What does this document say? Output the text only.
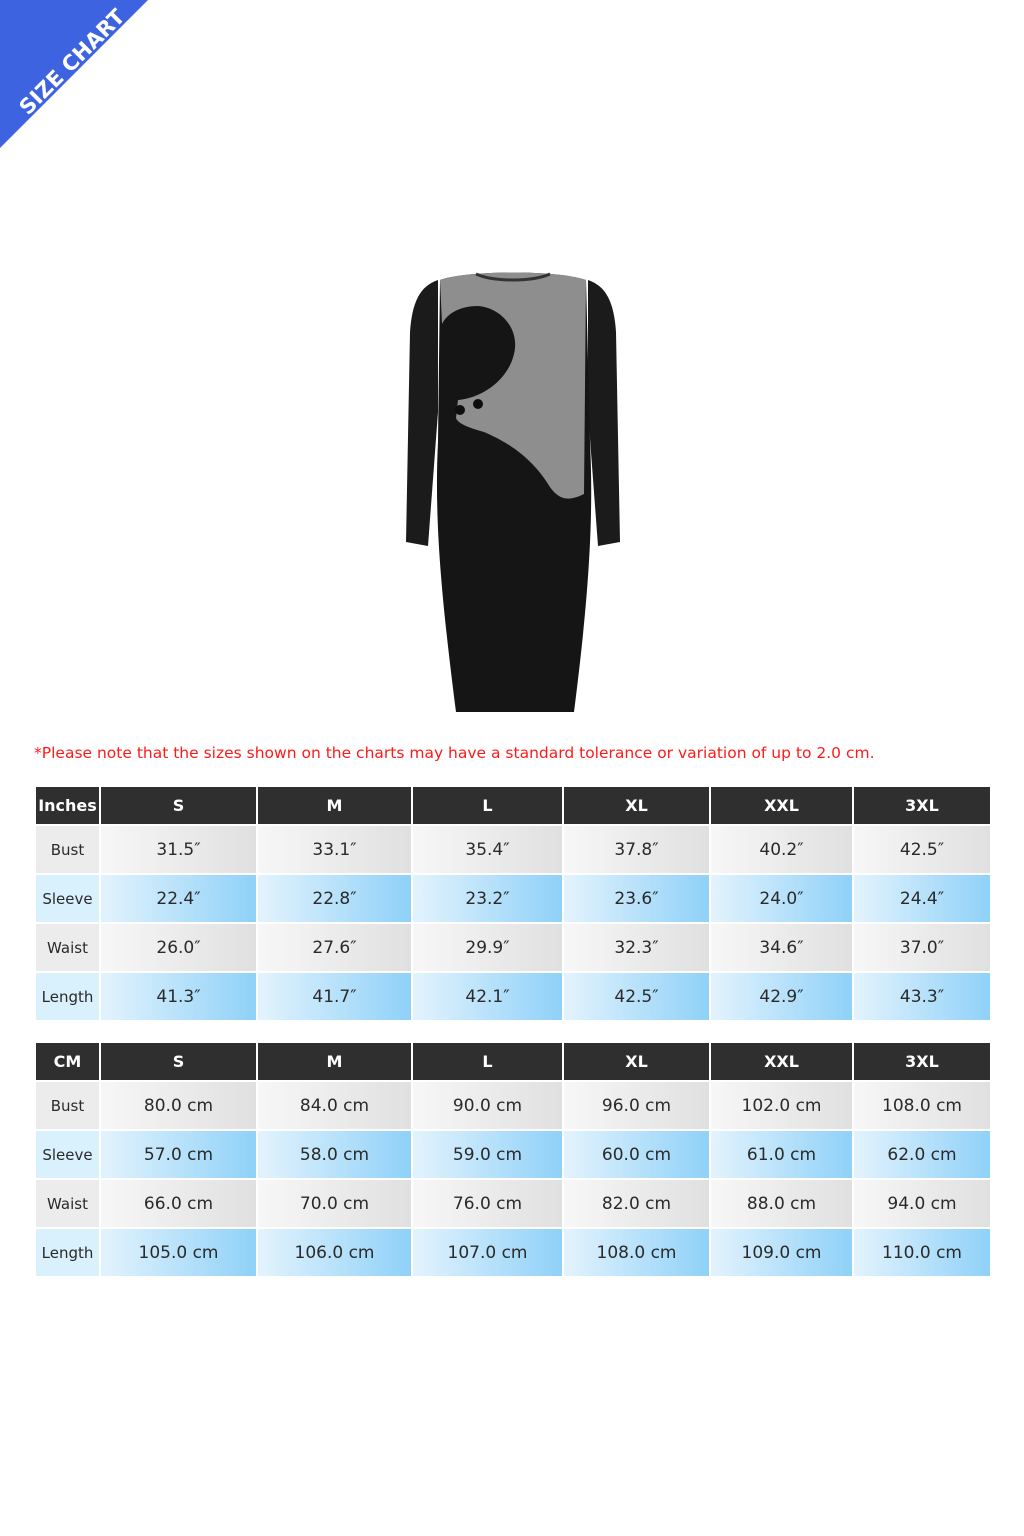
SIZE CHART
*Please note that the sizes shown on the charts may have a standard tolerance or variation of up to 2.0 cm.
Inches	S	M	L	XL	XXL	3XL
Bust	31.5″	33.1″	35.4″	37.8″	40.2″	42.5″
Sleeve	22.4″	22.8″	23.2″	23.6″	24.0″	24.4″
Waist	26.0″	27.6″	29.9″	32.3″	34.6″	37.0″
Length	41.3″	41.7″	42.1″	42.5″	42.9″	43.3″
CM	S	M	L	XL	XXL	3XL
Bust	80.0 cm	84.0 cm	90.0 cm	96.0 cm	102.0 cm	108.0 cm
Sleeve	57.0 cm	58.0 cm	59.0 cm	60.0 cm	61.0 cm	62.0 cm
Waist	66.0 cm	70.0 cm	76.0 cm	82.0 cm	88.0 cm	94.0 cm
Length	105.0 cm	106.0 cm	107.0 cm	108.0 cm	109.0 cm	110.0 cm
